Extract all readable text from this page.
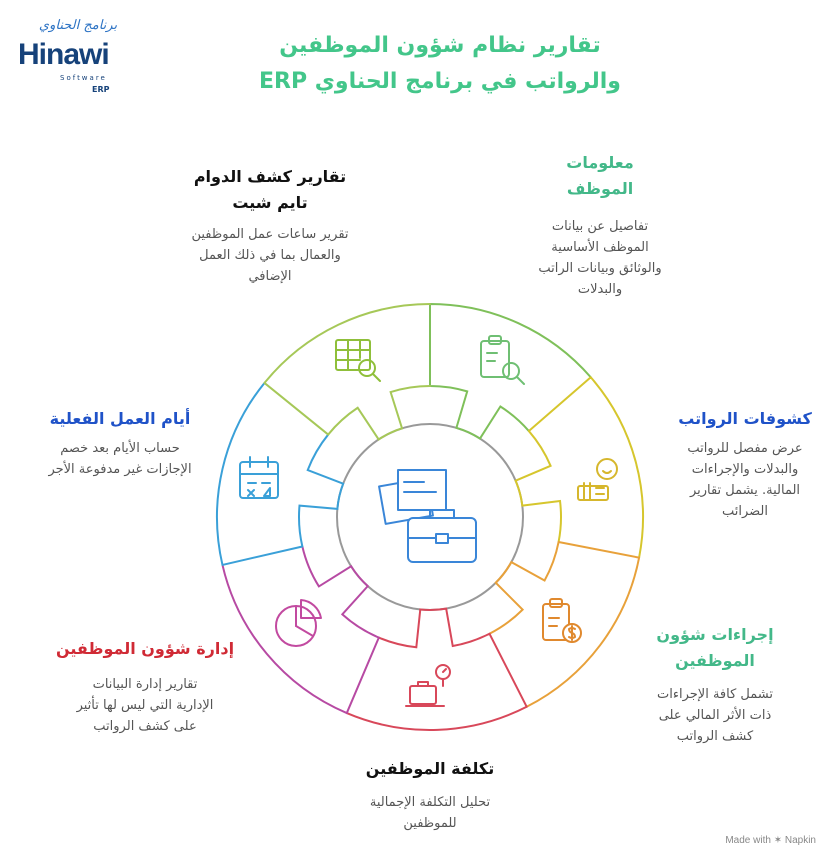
برنامج الحناوي
Hinawi
Software
ERP
تقارير نظام شؤون الموظفين
والرواتب في برنامج الحناوي ERP
معلومات
الموظف
تفاصيل عن بيانات
الموظف الأساسية
والوثائق وبيانات الراتب
والبدلات
تقارير كشف الدوام
تايم شيت
تقرير ساعات عمل الموظفين
والعمال بما في ذلك العمل
الإضافي
كشوفات الرواتب
عرض مفصل للرواتب
والبدلات والإجراءات
المالية. يشمل تقارير
الضرائب
أيام العمل الفعلية
حساب الأيام بعد خصم
الإجازات غير مدفوعة الأجر
إجراءات شؤون
الموظفين
تشمل كافة الإجراءات
ذات الأثر المالي على
كشف الرواتب
إدارة شؤون الموظفين
تقارير إدارة البيانات
الإدارية التي ليس لها تأثير
على كشف الرواتب
تكلفة الموظفين
تحليل التكلفة الإجمالية
للموظفين
Made with ✶ Napkin
